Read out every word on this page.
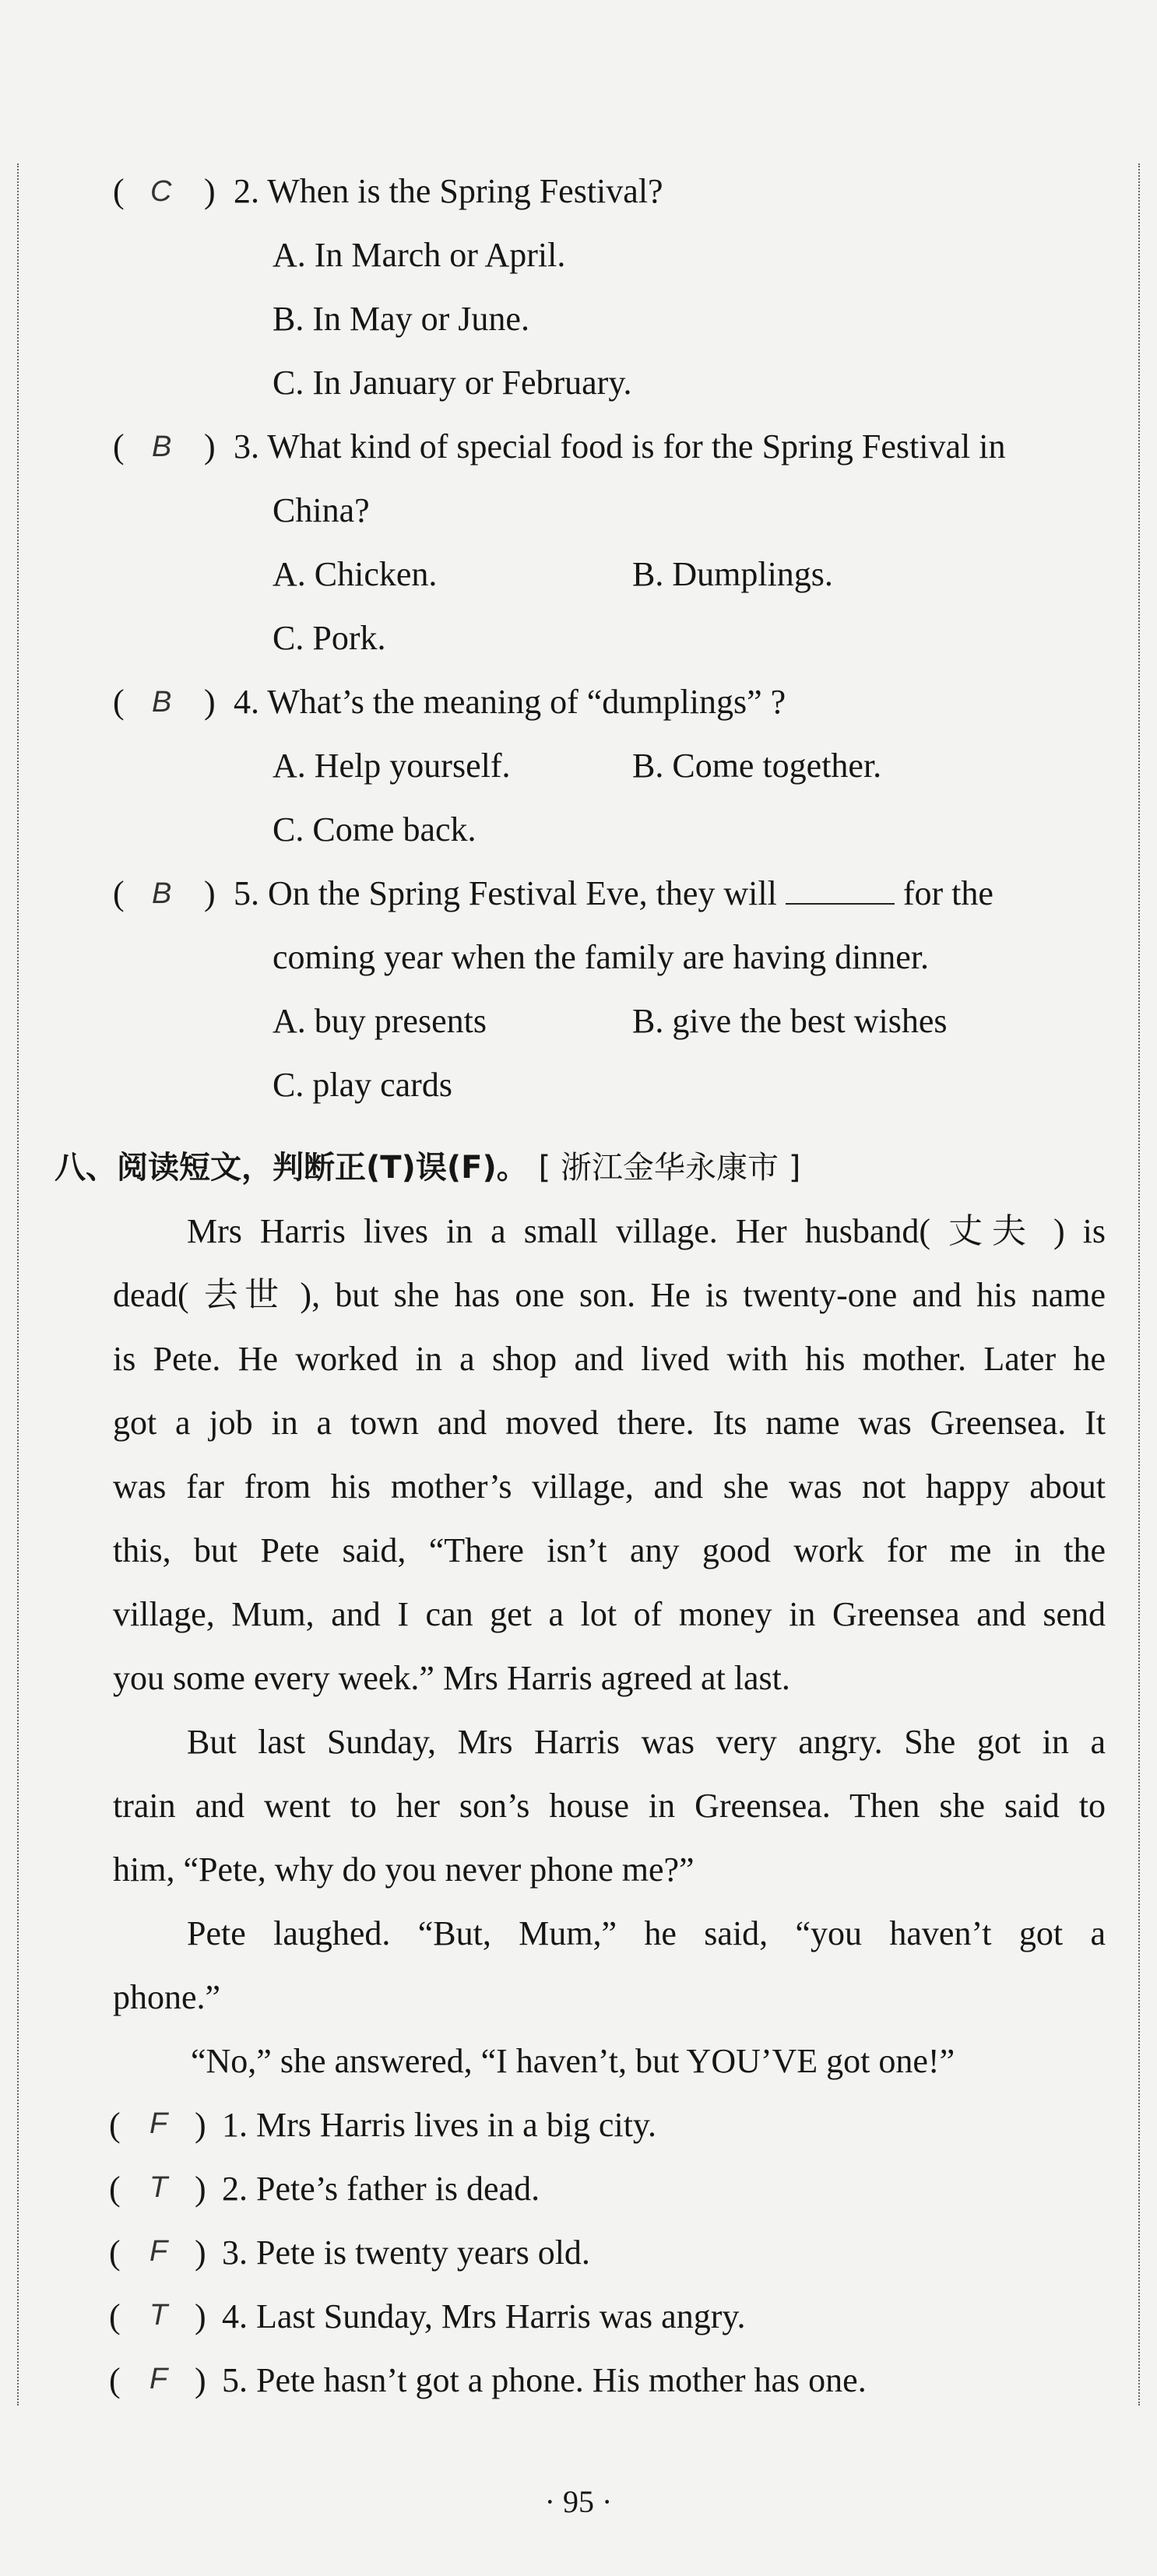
( C ) 2. When is the Spring Festival?
A. In March or April.
B. In May or June.
C. In January or February.
( B ) 3. What kind of special food is for the Spring Festival in
China?
A. Chicken.	B. Dumplings.
C. Pork.
( B ) 4. What’s the meaning of “dumplings” ?
A. Help yourself.	B. Come together.
C. Come back.
( B ) 5. On the Spring Festival Eve, they will	for the
coming year when the family are having dinner.
A. buy presents	B. give the best wishes
C. play cards
八、阅读短文，判断正(T)误(F)。 [ 浙江金华永康市 ]
Mrs Harris lives in a small village. Her husband( 丈夫 ) is
dead( 去世 ), but she has one son. He is twenty-one and his name
is Pete. He worked in a shop and lived with his mother. Later he
got a job in a town and moved there. Its name was Greensea. It
was far from his mother’s village, and she was not happy about
this, but Pete said, “There isn’t any good work for me in the
village, Mum, and I can get a lot of money in Greensea and send
you some every week.” Mrs Harris agreed at last.
But last Sunday, Mrs Harris was very angry. She got in a
train and went to her son’s house in Greensea. Then she said to
him, “Pete, why do you never phone me?”
Pete laughed. “But, Mum,” he said, “you haven’t got a
phone.”
“No,” she answered, “I haven’t, but YOU’VE got one!”
( F ) 1. Mrs Harris lives in a big city.
( T ) 2. Pete’s father is dead.
( F ) 3. Pete is twenty years old.
( T ) 4. Last Sunday, Mrs Harris was angry.
( F ) 5. Pete hasn’t got a phone. His mother has one.
· 95 ·
